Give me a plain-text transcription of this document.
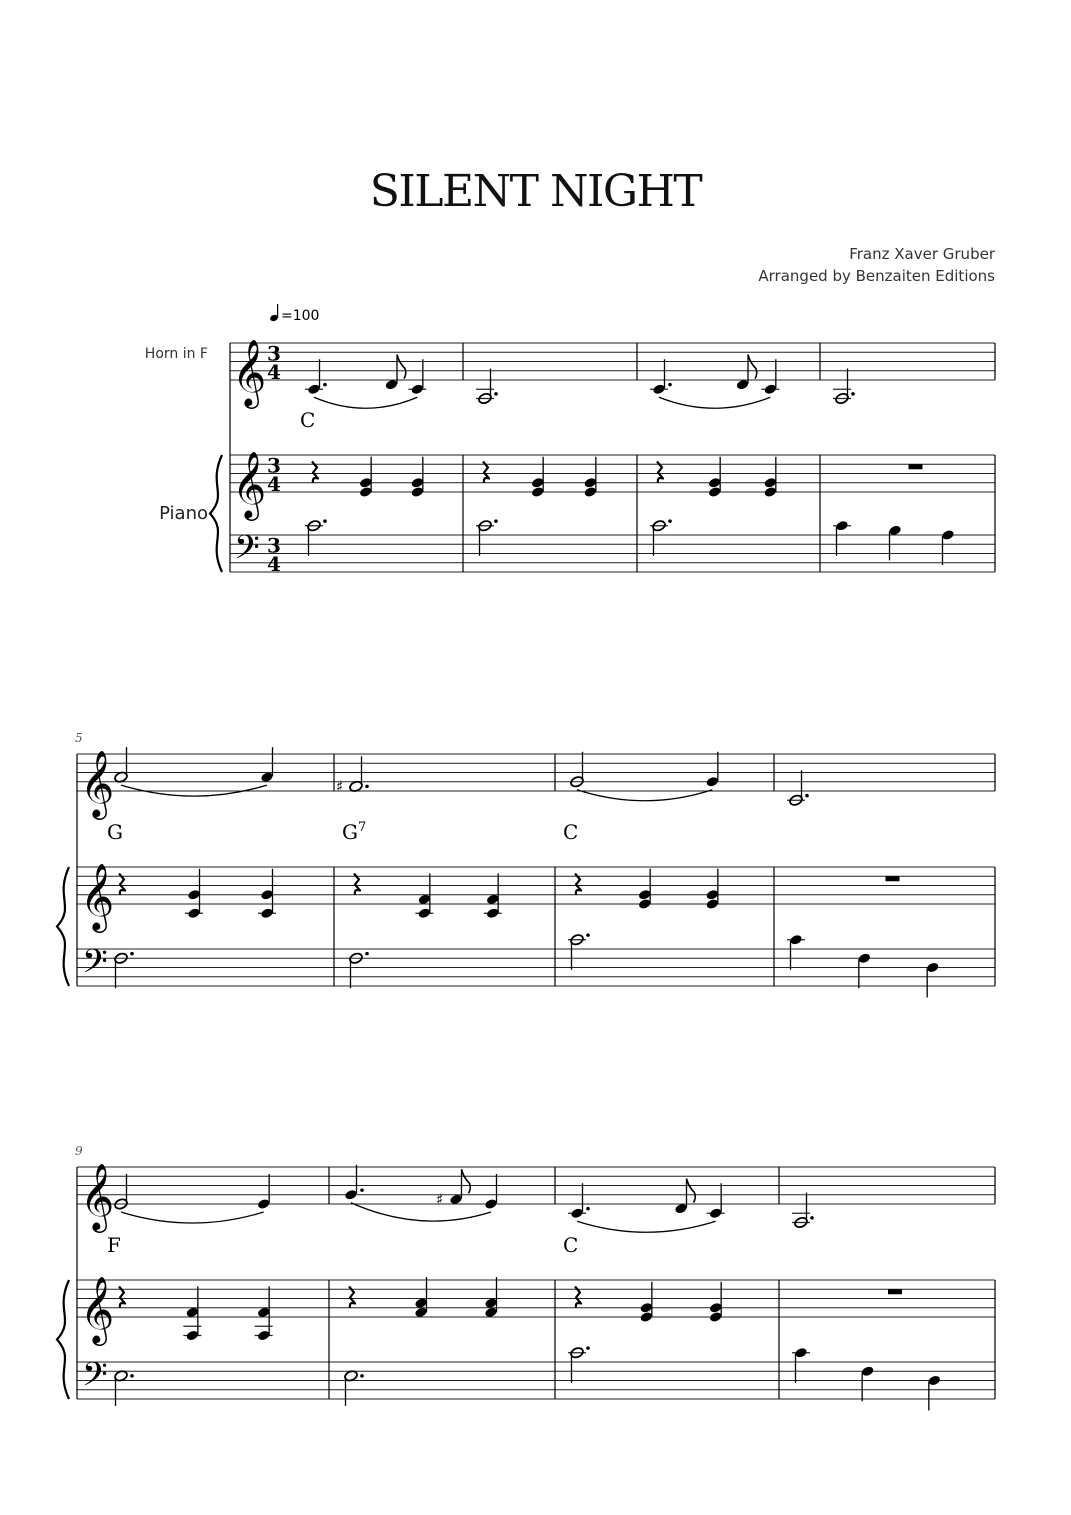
SILENT NIGHT
Franz Xaver Gruber
Arranged by Benzaiten Editions
=100
Horn in F
Piano
𝄞
𝄞
𝄢
3
4
3
4
3
4
C
𝄞
𝄞
𝄢
5
G	$G^7$	C
♯
𝄞
𝄞
𝄢
9
F	C
♯
